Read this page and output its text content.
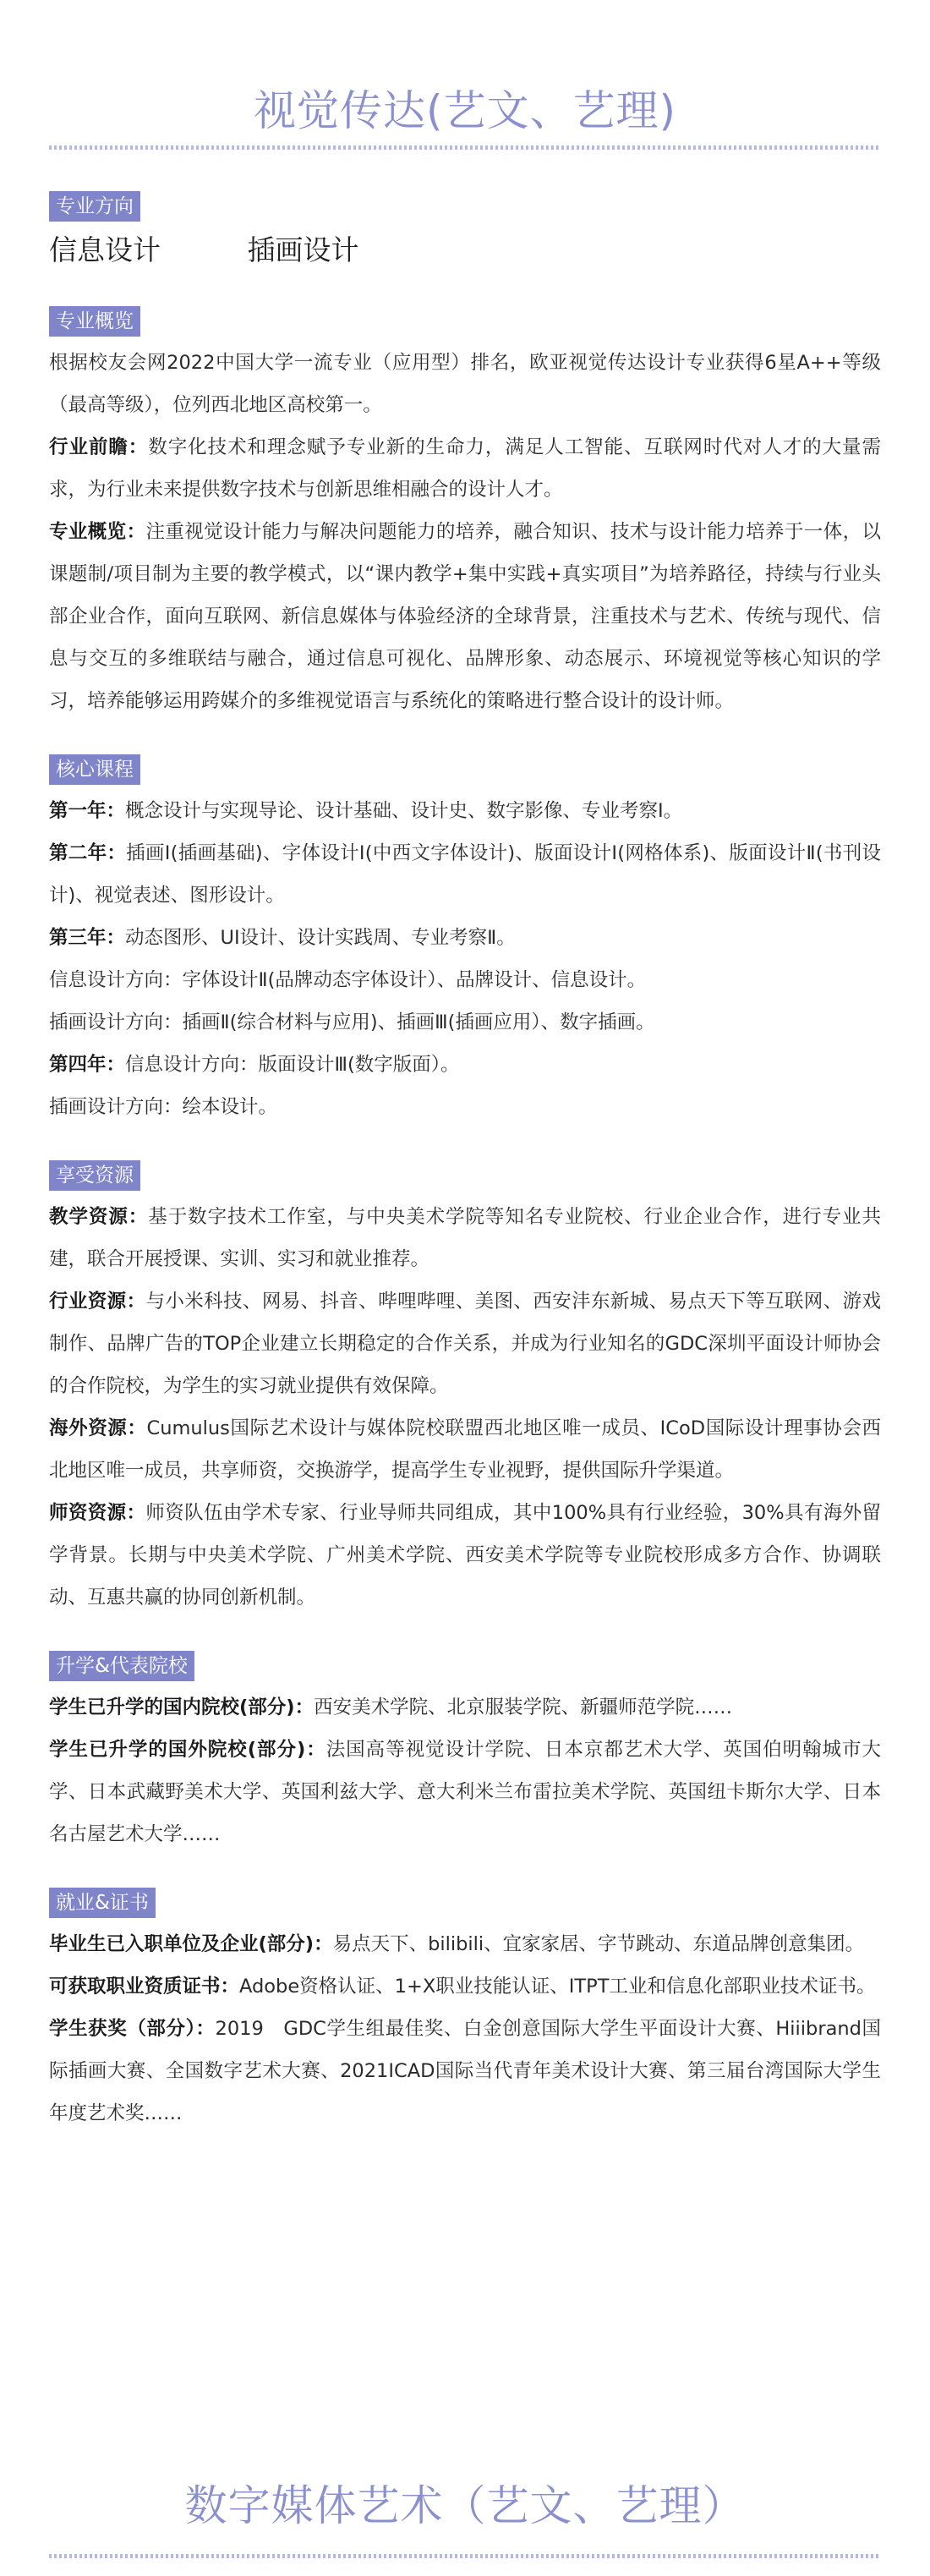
视觉传达(艺文、艺理)
专业方向
信息设计	插画设计
专业概览

根据校友会网2022中国大学一流专业（应用型）排名，欧亚视觉传达设计专业获得6星A++等级（最高等级），位列西北地区高校第一。

行业前瞻：数字化技术和理念赋予专业新的生命力，满足人工智能、互联网时代对人才的大量需求，为行业未来提供数字技术与创新思维相融合的设计人才。

专业概览：注重视觉设计能力与解决问题能力的培养，融合知识、技术与设计能力培养于一体，以课题制/项目制为主要的教学模式，以“课内教学+集中实践+真实项目”为培养路径，持续与行业头部企业合作，面向互联网、新信息媒体与体验经济的全球背景，注重技术与艺术、传统与现代、信息与交互的多维联结与融合，通过信息可视化、品牌形象、动态展示、环境视觉等核心知识的学习，培养能够运用跨媒介的多维视觉语言与系统化的策略进行整合设计的设计师。

核心课程

第一年：概念设计与实现导论、设计基础、设计史、数字影像、专业考察Ⅰ。

第二年：插画Ⅰ(插画基础)、字体设计Ⅰ(中西文字体设计)、版面设计Ⅰ(网格体系)、版面设计Ⅱ(书刊设计)、视觉表述、图形设计。

第三年：动态图形、UI设计、设计实践周、专业考察Ⅱ。

信息设计方向：字体设计Ⅱ(品牌动态字体设计）、品牌设计、信息设计。

插画设计方向：插画Ⅱ(综合材料与应用)、插画Ⅲ(插画应用）、数字插画。

第四年：信息设计方向：版面设计Ⅲ(数字版面）。

插画设计方向：绘本设计。

享受资源

教学资源：基于数字技术工作室，与中央美术学院等知名专业院校、行业企业合作，进行专业共建，联合开展授课、实训、实习和就业推荐。

行业资源：与小米科技、网易、抖音、哔哩哔哩、美图、西安沣东新城、易点天下等互联网、游戏制作、品牌广告的TOP企业建立长期稳定的合作关系，并成为行业知名的GDC深圳平面设计师协会的合作院校，为学生的实习就业提供有效保障。

海外资源：Cumulus国际艺术设计与媒体院校联盟西北地区唯一成员、ICoD国际设计理事协会西北地区唯一成员，共享师资，交换游学，提高学生专业视野，提供国际升学渠道。

师资资源：师资队伍由学术专家、行业导师共同组成，其中100%具有行业经验，30%具有海外留学背景。长期与中央美术学院、广州美术学院、西安美术学院等专业院校形成多方合作、协调联动、互惠共赢的协同创新机制。

升学&代表院校

学生已升学的国内院校(部分)：西安美术学院、北京服装学院、新疆师范学院……

学生已升学的国外院校(部分)：法国高等视觉设计学院、日本京都艺术大学、英国伯明翰城市大学、日本武藏野美术大学、英国利兹大学、意大利米兰布雷拉美术学院、英国纽卡斯尔大学、日本名古屋艺术大学……

就业&证书

毕业生已入职单位及企业(部分)：易点天下、bilibili、宜家家居、字节跳动、东道品牌创意集团。

可获取职业资质证书：Adobe资格认证、1+X职业技能认证、ITPT工业和信息化部职业技术证书。

学生获奖（部分）：2019　GDC学生组最佳奖、白金创意国际大学生平面设计大赛、Hiiibrand国际插画大赛、全国数字艺术大赛、2021ICAD国际当代青年美术设计大赛、第三届台湾国际大学生年度艺术奖……

数字媒体艺术（艺文、艺理）
